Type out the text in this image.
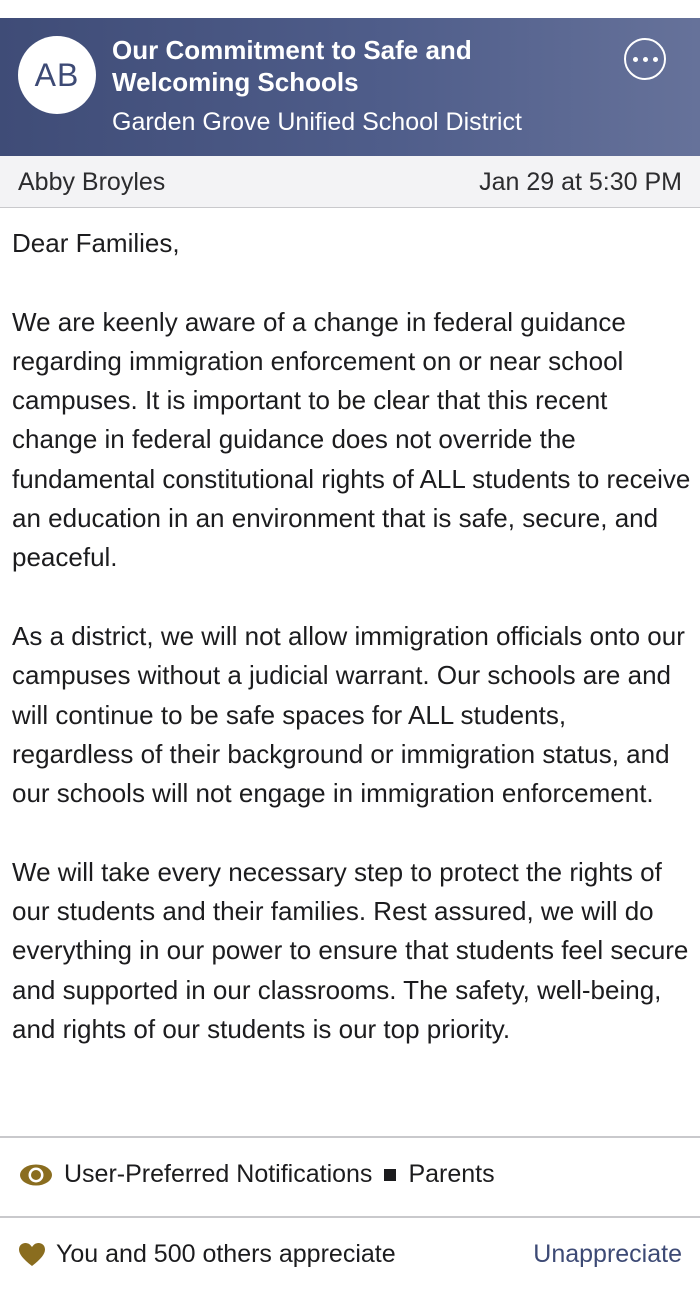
AB
Our Commitment to Safe and Welcoming Schools
Garden Grove Unified School District
Abby Broyles	Jan 29 at 5:30 PM

Dear Families,

We are keenly aware of a change in federal guidance regarding immigration enforcement on or near school campuses. It is important to be clear that this recent change in federal guidance does not override the fundamental constitutional rights of ALL students to receive an education in an environment that is safe, secure, and peaceful.

As a district, we will not allow immigration officials onto our campuses without a judicial warrant. Our schools are and will continue to be safe spaces for ALL students, regardless of their background or immigration status, and our schools will not engage in immigration enforcement.

We will take every necessary step to protect the rights of our students and their families. Rest assured, we will do everything in our power to ensure that students feel secure and supported in our classrooms. The safety, well-being, and rights of our students is our top priority.

User-Preferred Notifications Parents
You and 500 others appreciate	Unappreciate
